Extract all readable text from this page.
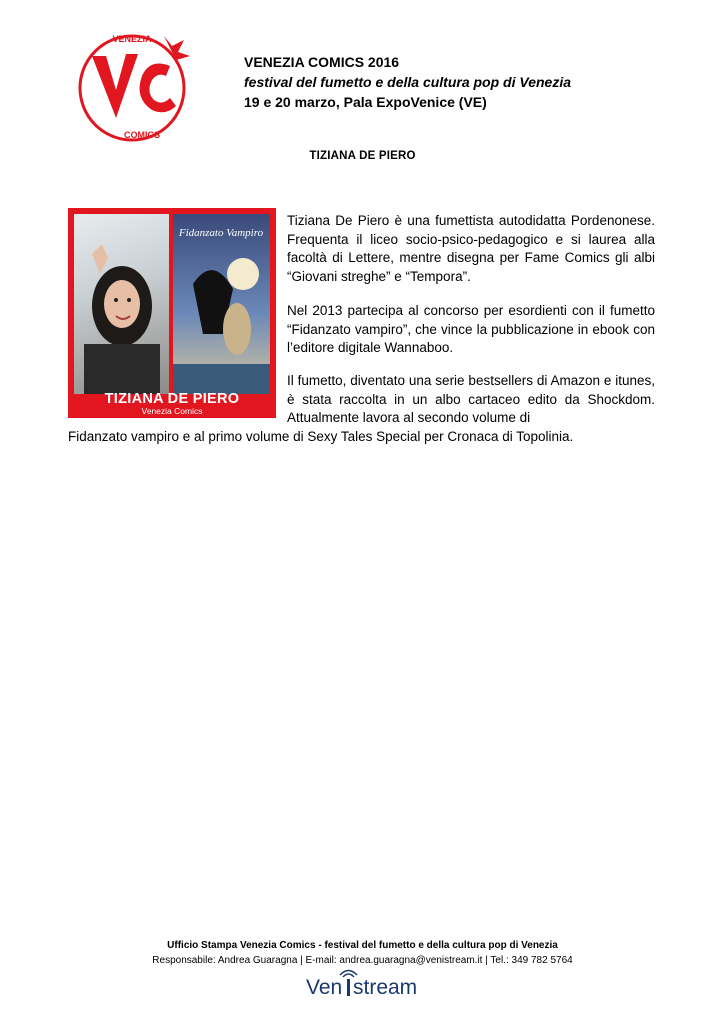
VENEZIA
COMICS
VENEZIA COMICS 2016
festival del fumetto e della cultura pop di Venezia
19 e 20 marzo, Pala ExpoVenice (VE)
TIZIANA DE PIERO
Fidanzato Vampiro
TIZIANA DE PIERO
Venezia Comics

Tiziana De Piero è una fumettista autodidatta Pordenonese. Frequenta il liceo socio-psico-pedagogico e si laurea alla facoltà di Lettere, mentre disegna per Fame Comics gli albi “Giovani streghe” e “Tempora”.

Nel 2013 partecipa al concorso per esordienti con il fumetto “Fidanzato vampiro”, che vince la pubblicazione in ebook con l’editore digitale Wannaboo.

Il fumetto, diventato una serie bestsellers di Amazon e itunes, è stata raccolta in un albo cartaceo edito da Shockdom. Attualmente lavora al secondo volume di

Fidanzato vampiro e al primo volume di Sexy Tales Special per Cronaca di Topolinia.

Ufficio Stampa Venezia Comics - festival del fumetto e della cultura pop di Venezia
Responsabile: Andrea Guaragna | E-mail: andrea.guaragna@venistream.it | Tel.: 349 782 5764
Ven stream
